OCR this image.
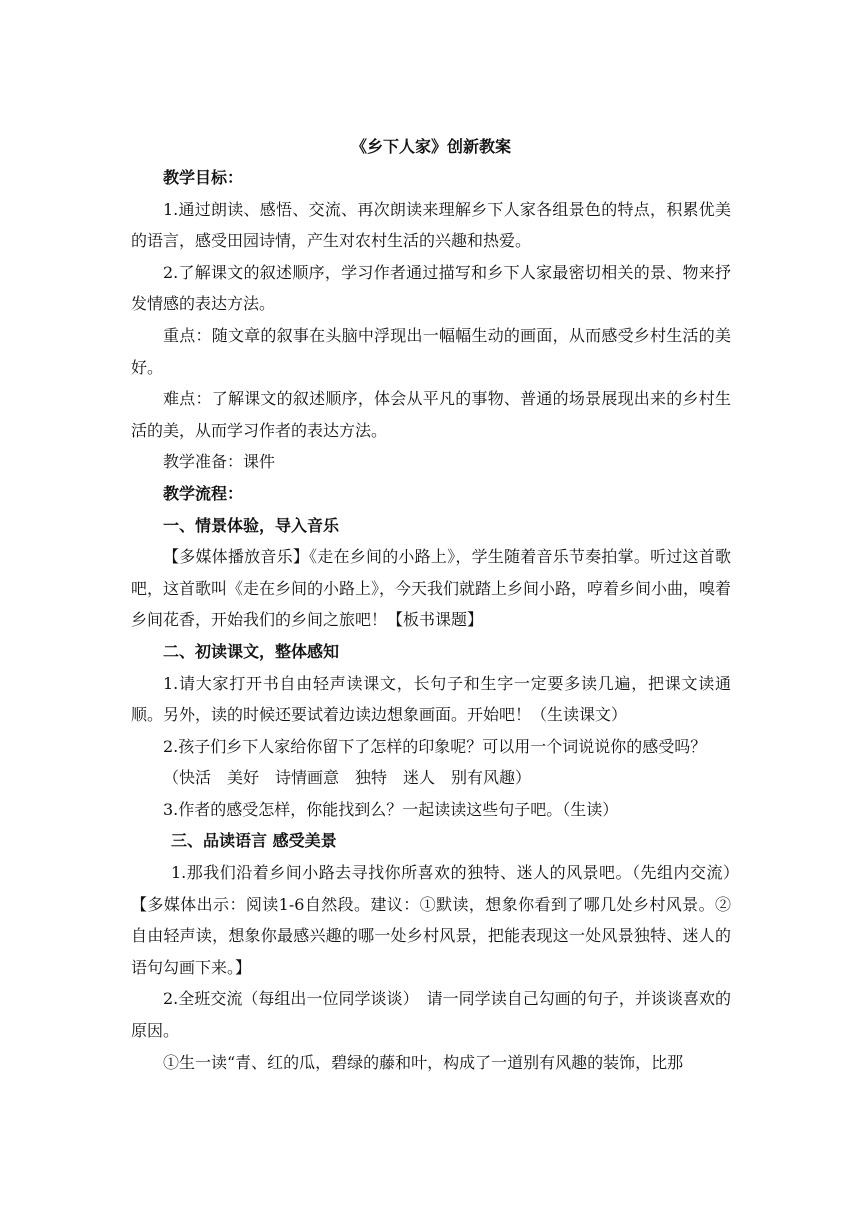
《乡下人家》创新教案

教学目标：

1.通过朗读、感悟、交流、再次朗读来理解乡下人家各组景色的特点，积累优美的语言，感受田园诗情，产生对农村生活的兴趣和热爱。

2.了解课文的叙述顺序，学习作者通过描写和乡下人家最密切相关的景、物来抒发情感的表达方法。

重点：随文章的叙事在头脑中浮现出一幅幅生动的画面，从而感受乡村生活的美好。

难点：了解课文的叙述顺序，体会从平凡的事物、普通的场景展现出来的乡村生活的美，从而学习作者的表达方法。

教学准备：课件

教学流程：

一、情景体验，导入音乐

【多媒体播放音乐】《走在乡间的小路上》，学生随着音乐节奏拍掌。听过这首歌吧，这首歌叫《走在乡间的小路上》，今天我们就踏上乡间小路，哼着乡间小曲，嗅着乡间花香，开始我们的乡间之旅吧！【板书课题】

二、初读课文，整体感知

1.请大家打开书自由轻声读课文，长句子和生字一定要多读几遍，把课文读通顺。另外，读的时候还要试着边读边想象画面。开始吧！（生读课文）

2.孩子们乡下人家给你留下了怎样的印象呢？可以用一个词说说你的感受吗？

（快活　美好　诗情画意　独特　迷人　别有风趣）

3.作者的感受怎样，你能找到么？一起读读这些句子吧。（生读）

三、品读语言 感受美景

1.那我们沿着乡间小路去寻找你所喜欢的独特、迷人的风景吧。（先组内交流）　【多媒体出示：阅读1-6自然段。建议：①默读，想象你看到了哪几处乡村风景。②自由轻声读，想象你最感兴趣的哪一处乡村风景，把能表现这一处风景独特、迷人的语句勾画下来。】

2.全班交流（每组出一位同学谈谈）　请一同学读自己勾画的句子，并谈谈喜欢的原因。

①生一读“青、红的瓜，碧绿的藤和叶，构成了一道别有风趣的装饰，比那
